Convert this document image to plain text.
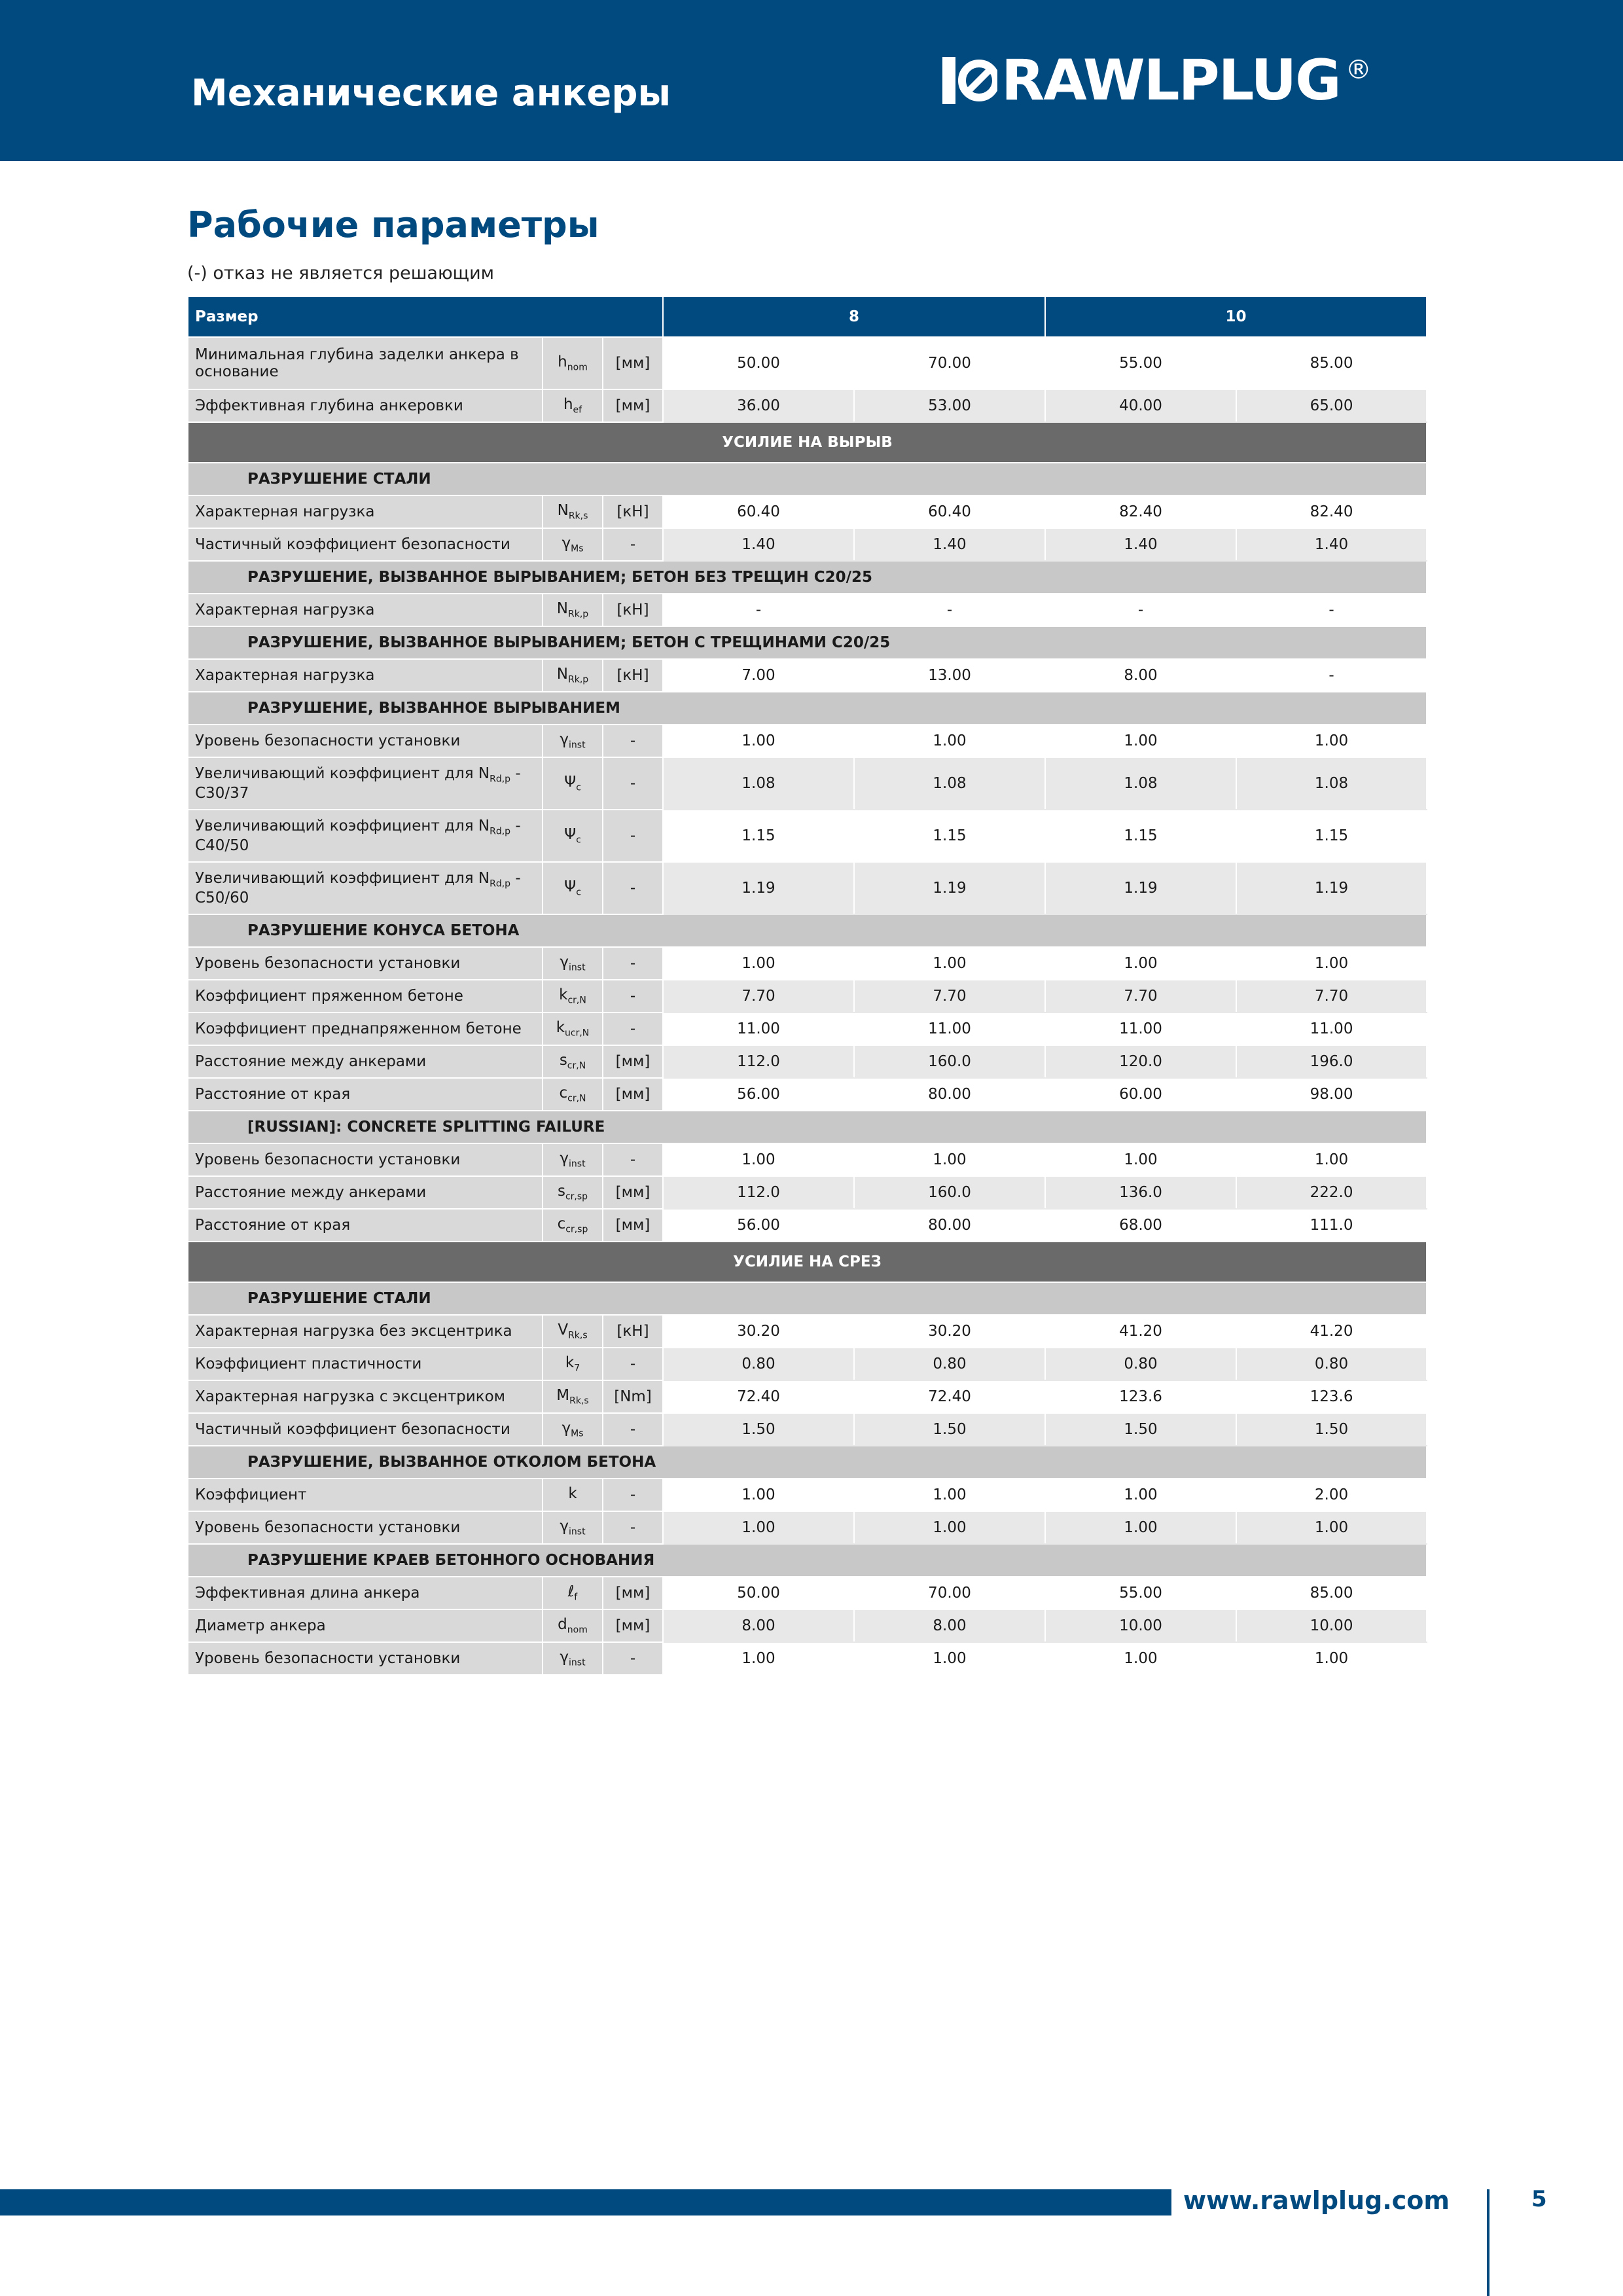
Механические анкеры	RAWLPLUG ®
Рабочие параметры
(-) отказ не является решающим
Размер			8		10	
Минимальная глубина заделки анкера в основание	$h_{nom}$	[мм]	50.00	70.00	55.00	85.00
Эффективная глубина анкеровки	$h_{ef}$	[мм]	36.00	53.00	40.00	65.00
УСИЛИЕ НА ВЫРЫВ						
РАЗРУШЕНИЕ СТАЛИ						
Характерная нагрузка	$N_{Rk,s}$	[кН]	60.40	60.40	82.40	82.40
Частичный коэффициент безопасности	$\gamma_{Ms}$	-	1.40	1.40	1.40	1.40
РАЗРУШЕНИЕ, ВЫЗВАННОЕ ВЫРЫВАНИЕМ; БЕТОН БЕЗ ТРЕЩИН C20/25						
Характерная нагрузка	$N_{Rk,p}$	[кН]	-	-	-	-
РАЗРУШЕНИЕ, ВЫЗВАННОЕ ВЫРЫВАНИЕМ; БЕТОН С ТРЕЩИНАМИ C20/25						
Характерная нагрузка	$N_{Rk,p}$	[кН]	7.00	13.00	8.00	-
РАЗРУШЕНИЕ, ВЫЗВАННОЕ ВЫРЫВАНИЕМ						
Уровень безопасности установки	$\gamma_{inst}$	-	1.00	1.00	1.00	1.00
Увеличивающий коэффициент для $N_{Rd,p} - C30/37$	$\Psi_c$	-	1.08	1.08	1.08	1.08
Увеличивающий коэффициент для $N_{Rd,p} - C40/50$	$\Psi_c$	-	1.15	1.15	1.15	1.15
Увеличивающий коэффициент для $N_{Rd,p} - C50/60$	$\Psi_c$	-	1.19	1.19	1.19	1.19
РАЗРУШЕНИЕ КОНУСА БЕТОНА						
Уровень безопасности установки	$\gamma_{inst}$	-	1.00	1.00	1.00	1.00
Коэффициент пряженном бетоне	$k_{cr,N}$	-	7.70	7.70	7.70	7.70
Коэффициент преднапряженном бетоне	$k_{ucr,N}$	-	11.00	11.00	11.00	11.00
Расстояние между анкерами	$s_{cr,N}$	[мм]	112.0	160.0	120.0	196.0
Расстояние от края	$c_{cr,N}$	[мм]	56.00	80.00	60.00	98.00
[RUSSIAN]: CONCRETE SPLITTING FAILURE						
Уровень безопасности установки	$\gamma_{inst}$	-	1.00	1.00	1.00	1.00
Расстояние между анкерами	$s_{cr,sp}$	[мм]	112.0	160.0	136.0	222.0
Расстояние от края	$c_{cr,sp}$	[мм]	56.00	80.00	68.00	111.0
УСИЛИЕ НА СРЕЗ						
РАЗРУШЕНИЕ СТАЛИ						
Характерная нагрузка без эксцентрика	$V_{Rk,s}$	[кН]	30.20	30.20	41.20	41.20
Коэффициент пластичности	$k_7$	-	0.80	0.80	0.80	0.80
Характерная нагрузка с эксцентриком	$M_{Rk,s}$	[Nm]	72.40	72.40	123.6	123.6
Частичный коэффициент безопасности	$\gamma_{Ms}$	-	1.50	1.50	1.50	1.50
РАЗРУШЕНИЕ, ВЫЗВАННОЕ ОТКОЛОМ БЕТОНА						
Коэффициент	k	-	1.00	1.00	1.00	2.00
Уровень безопасности установки	$\gamma_{inst}$	-	1.00	1.00	1.00	1.00
РАЗРУШЕНИЕ КРАЕВ БЕТОННОГО ОСНОВАНИЯ						
Эффективная длина анкера	ℓ$_f$	[мм]	50.00	70.00	55.00	85.00
Диаметр анкера	$d_{nom}$	[мм]	8.00	8.00	10.00	10.00
Уровень безопасности установки	$\gamma_{inst}$	-	1.00	1.00	1.00	1.00
www.rawlplug.com	5
